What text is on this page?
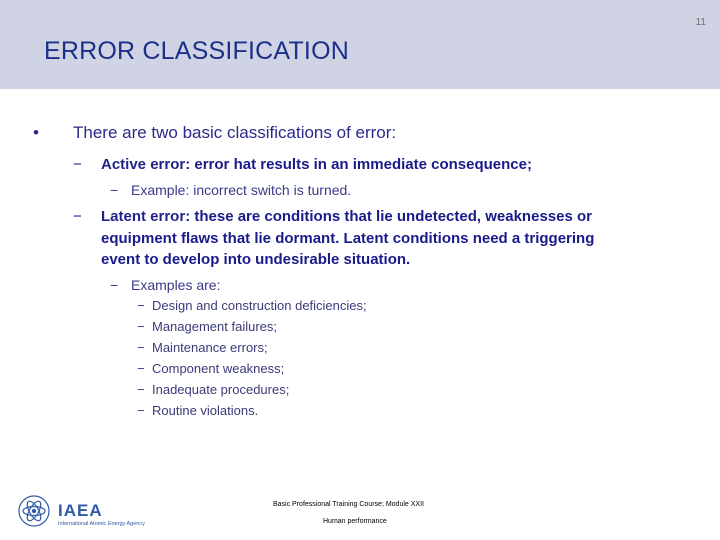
11
ERROR CLASSIFICATION
• There are two basic classifications of error:
− Active error: error hat results in an immediate consequence;
− Example: incorrect switch is turned.
− Latent error: these are conditions that lie undetected, weaknesses or
equipment flaws that lie dormant. Latent conditions need a triggering
event to develop into undesirable situation.
− Examples are:
− Design and construction deficiencies;
− Management failures;
− Maintenance errors;
− Component weakness;
− Inadequate procedures;
− Routine violations.
IAEA
International Atomic Energy Agency
Basic Professional Training Course; Module XXII
Human performance
